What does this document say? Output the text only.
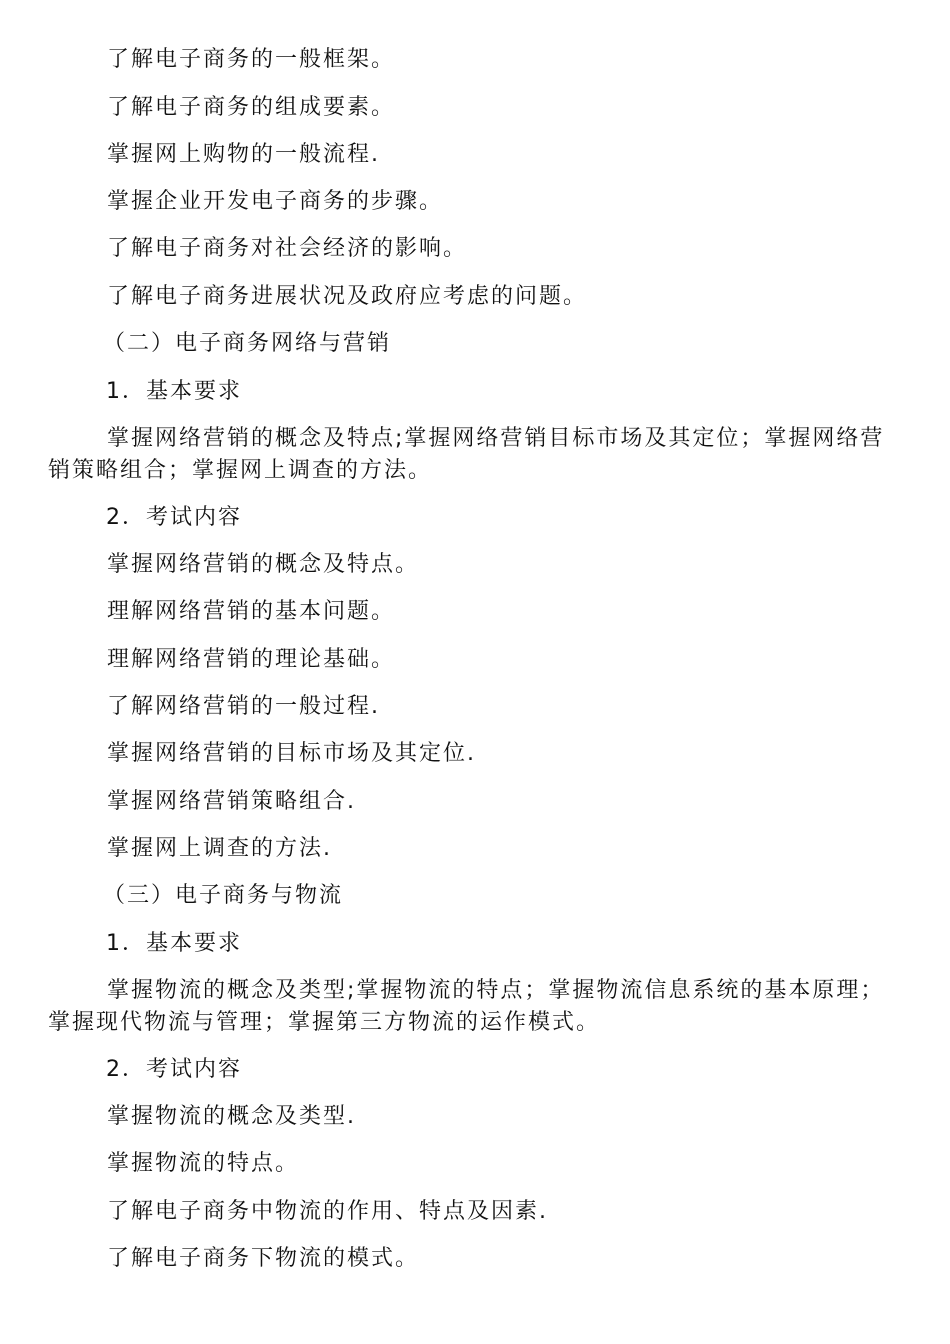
了解电子商务的一般框架。
了解电子商务的组成要素。
掌握网上购物的一般流程.
掌握企业开发电子商务的步骤。
了解电子商务对社会经济的影响。
了解电子商务进展状况及政府应考虑的问题。
（二）电子商务网络与营销
1．基本要求
掌握网络营销的概念及特点;掌握网络营销目标市场及其定位；掌握网络营销策略组合；掌握网上调查的方法。
2．考试内容
掌握网络营销的概念及特点。
理解网络营销的基本问题。
理解网络营销的理论基础。
了解网络营销的一般过程.
掌握网络营销的目标市场及其定位.
掌握网络营销策略组合.
掌握网上调查的方法.
（三）电子商务与物流
1．基本要求
掌握物流的概念及类型;掌握物流的特点；掌握物流信息系统的基本原理；掌握现代物流与管理；掌握第三方物流的运作模式。
2．考试内容
掌握物流的概念及类型.
掌握物流的特点。
了解电子商务中物流的作用、特点及因素.
了解电子商务下物流的模式。
